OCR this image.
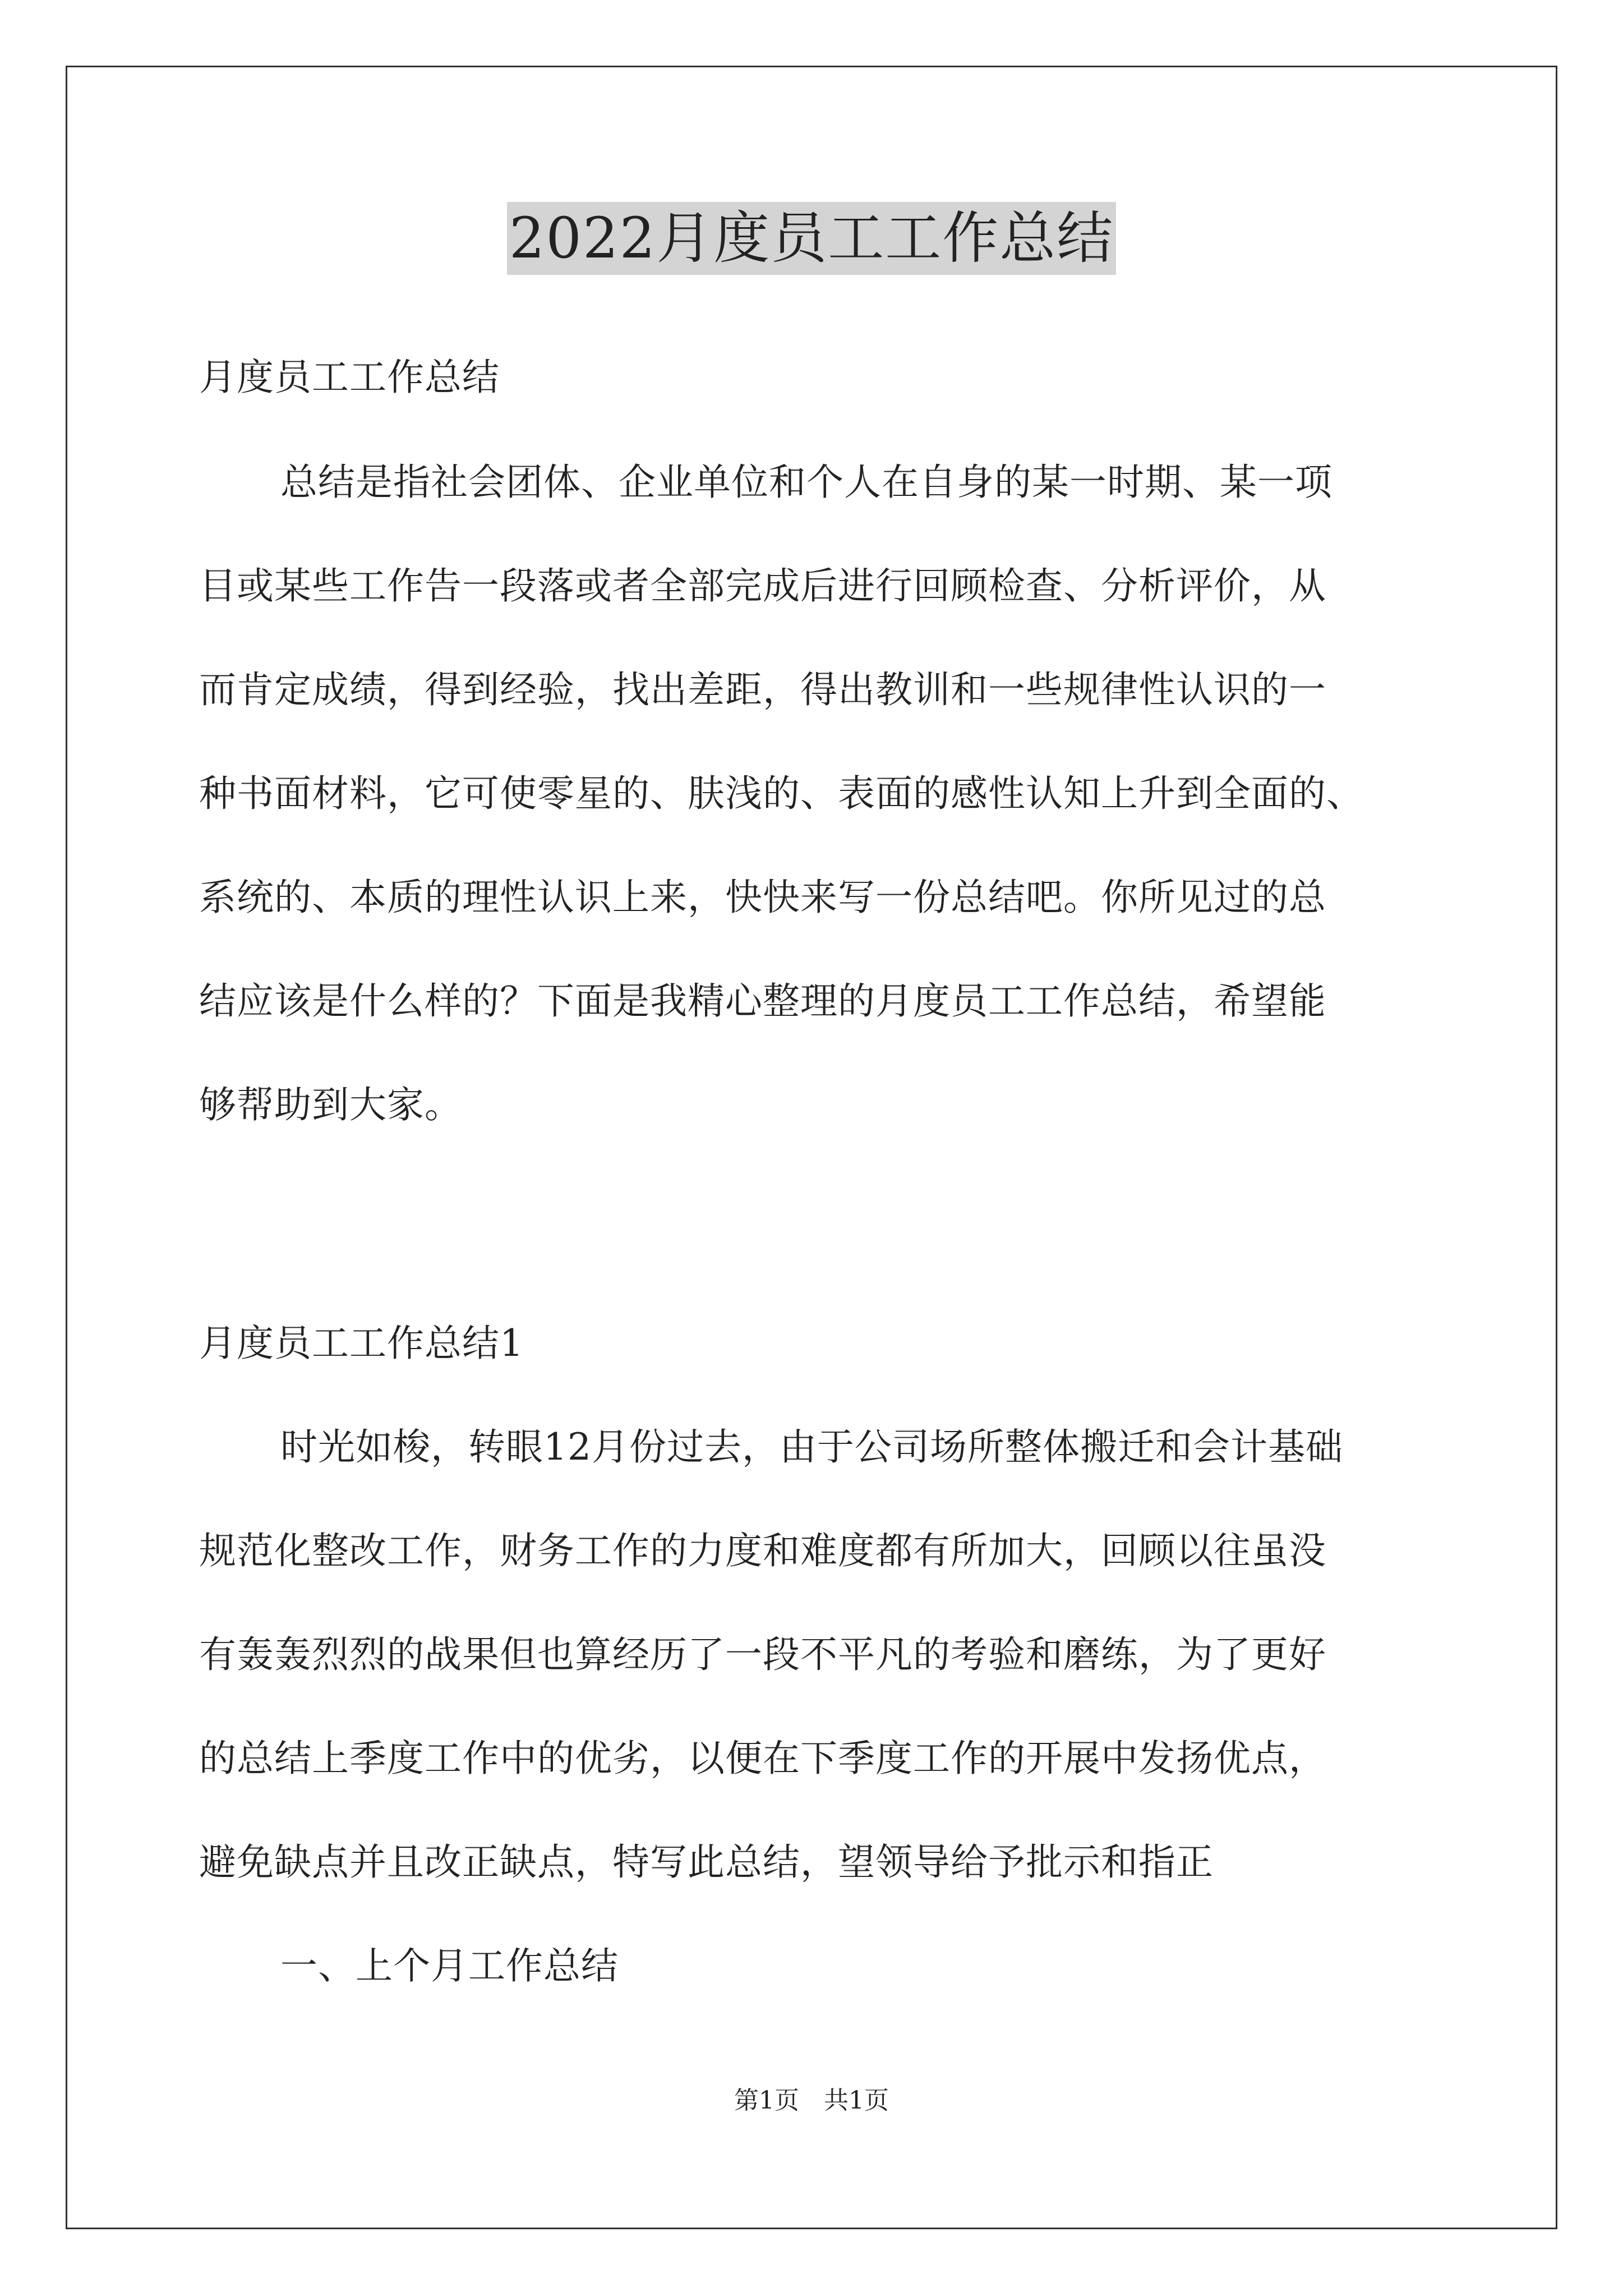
2022月度员工工作总结
月度员工工作总结
总结是指社会团体、企业单位和个人在自身的某一时期、某一项
目或某些工作告一段落或者全部完成后进行回顾检查、分析评价，从
而肯定成绩，得到经验，找出差距，得出教训和一些规律性认识的一
种书面材料，它可使零星的、肤浅的、表面的感性认知上升到全面的、
系统的、本质的理性认识上来，快快来写一份总结吧。你所见过的总
结应该是什么样的？下面是我精心整理的月度员工工作总结，希望能
够帮助到大家。
月度员工工作总结1
时光如梭，转眼12月份过去，由于公司场所整体搬迁和会计基础
规范化整改工作，财务工作的力度和难度都有所加大，回顾以往虽没
有轰轰烈烈的战果但也算经历了一段不平凡的考验和磨练，为了更好
的总结上季度工作中的优劣，以便在下季度工作的开展中发扬优点，
避免缺点并且改正缺点，特写此总结，望领导给予批示和指正
一、上个月工作总结
第1页　共1页
